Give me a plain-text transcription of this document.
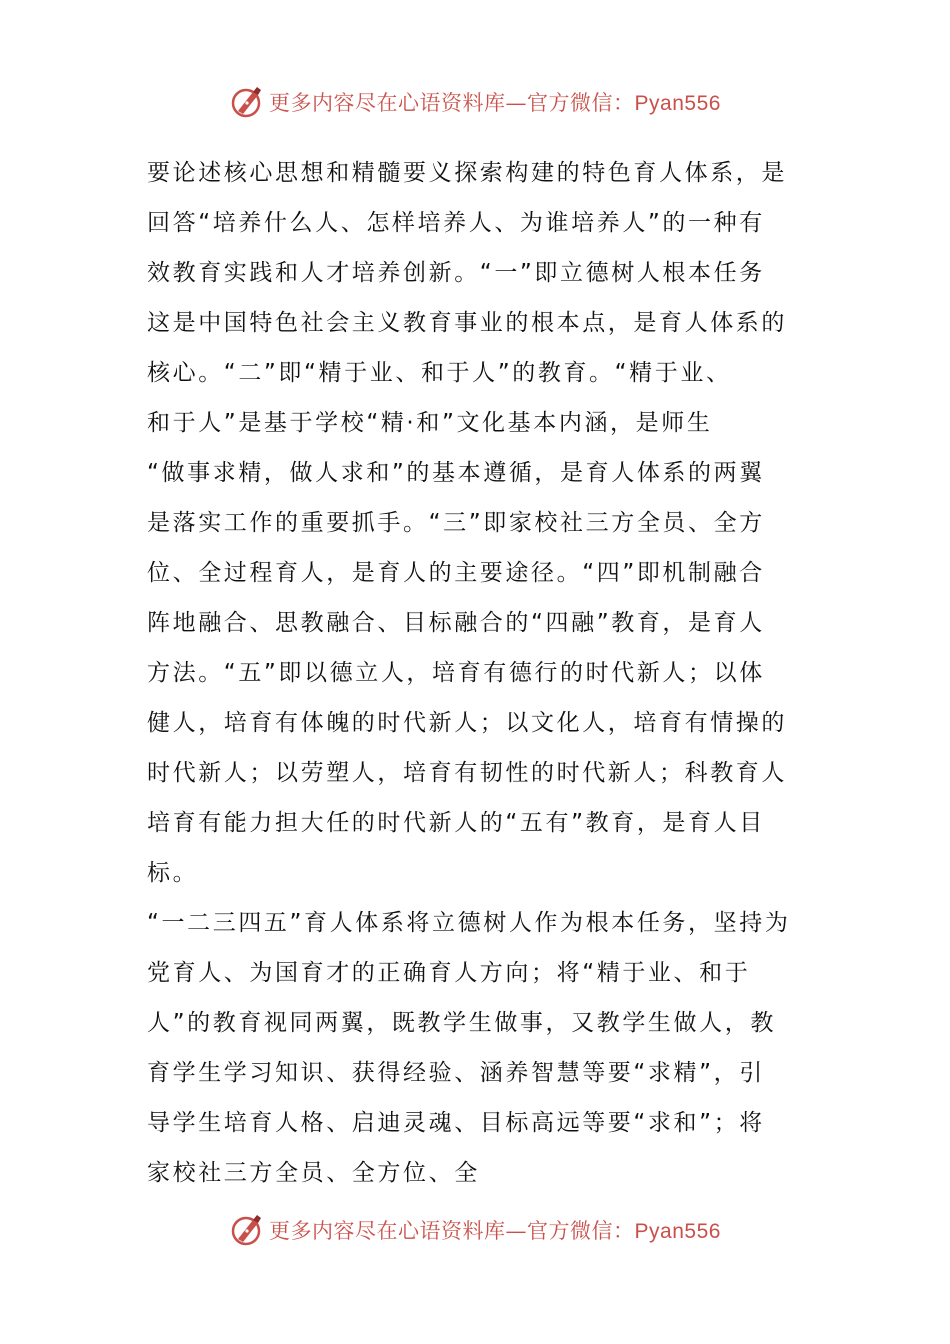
更多内容尽在心语资料库—官方微信：Pyan556
要论述核心思想和精髓要义探索构建的特色育人体系，是
回答“培养什么人、怎样培养人、为谁培养人”的一种有
效教育实践和人才培养创新。“一”即立德树人根本任务
这是中国特色社会主义教育事业的根本点，是育人体系的
核心。“二”即“精于业、和于人”的教育。“精于业、
和于人”是基于学校“精·和”文化基本内涵，是师生
“做事求精，做人求和”的基本遵循，是育人体系的两翼
是落实工作的重要抓手。“三”即家校社三方全员、全方
位、全过程育人，是育人的主要途径。“四”即机制融合
阵地融合、思教融合、目标融合的“四融”教育，是育人
方法。“五”即以德立人，培育有德行的时代新人；以体
健人，培育有体魄的时代新人；以文化人，培育有情操的
时代新人；以劳塑人，培育有韧性的时代新人；科教育人
培育有能力担大任的时代新人的“五有”教育，是育人目
标。
“一二三四五”育人体系将立德树人作为根本任务，坚持为
党育人、为国育才的正确育人方向；将“精于业、和于
人”的教育视同两翼，既教学生做事，又教学生做人，教
育学生学习知识、获得经验、涵养智慧等要“求精”，引
导学生培育人格、启迪灵魂、目标高远等要“求和”；将
家校社三方全员、全方位、全
更多内容尽在心语资料库—官方微信：Pyan556
